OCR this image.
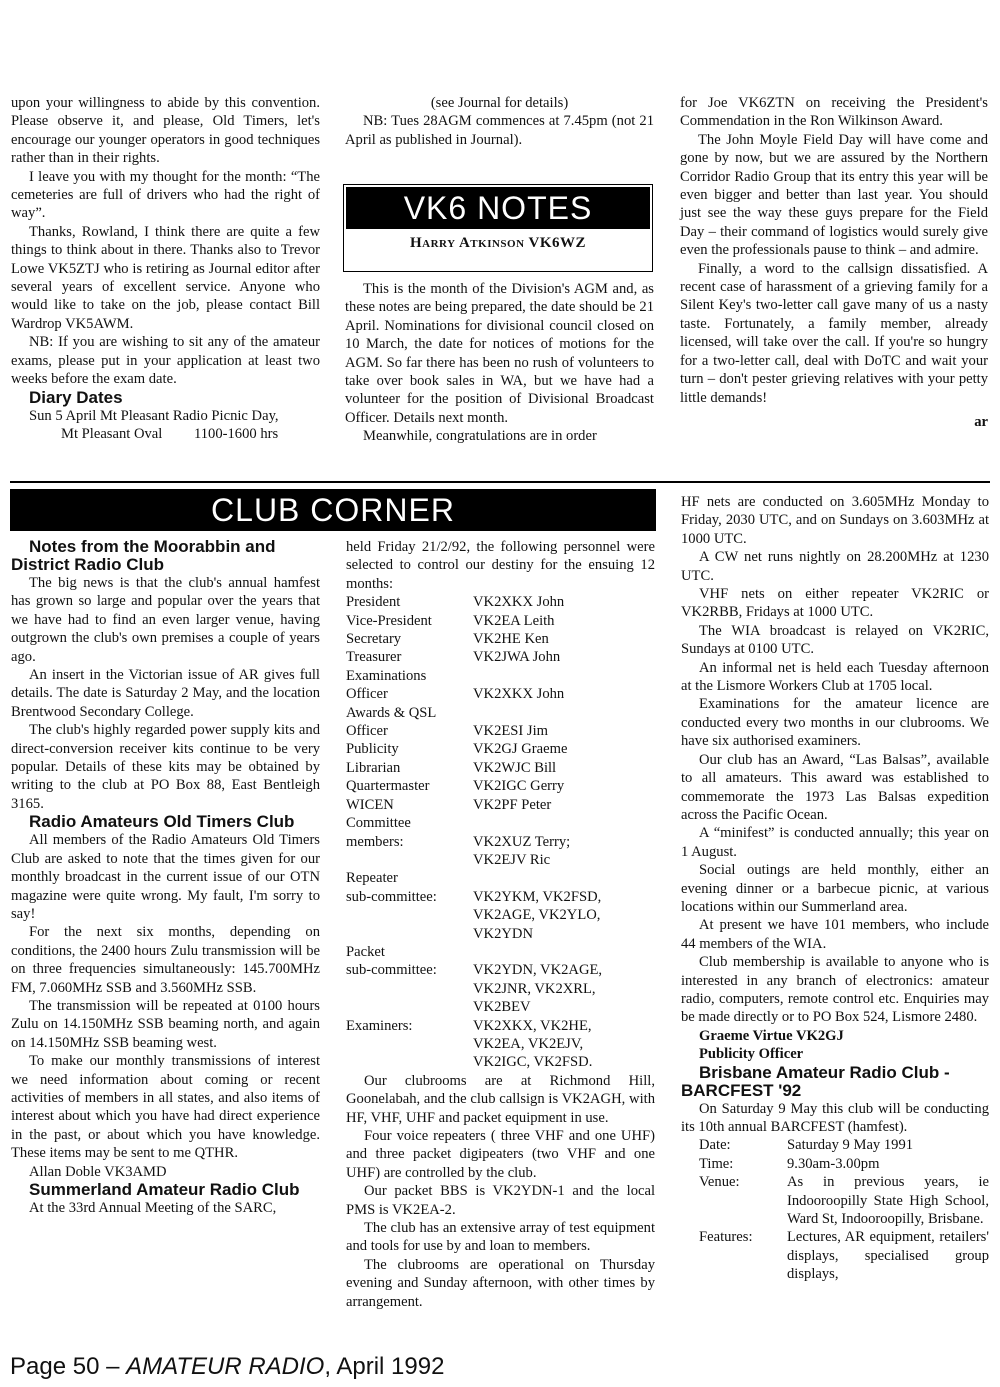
upon your willingness to abide by this convention. Please observe it, and please, Old Timers, let's encourage our younger operators in good techniques rather than in their rights.

I leave you with my thought for the month: “The cemeteries are full of drivers who had the right of way”.

Thanks, Rowland, I think there are quite a few things to think about in there. Thanks also to Trevor Lowe VK5ZTJ who is retiring as Journal editor after several years of excellent service. Anyone who would like to take on the job, please contact Bill Wardrop VK5AWM.

NB: If you are wishing to sit any of the amateur exams, please put in your application at least two weeks before the exam date.

Diary Dates

Sun 5 April Mt Pleasant Radio Picnic Day,

Mt Pleasant Oval 1100-1600 hrs

(see Journal for details)

NB: Tues 28AGM commences at 7.45pm (not 21 April as published in Journal).

VK6 NOTES
Harry Atkinson VK6WZ

This is the month of the Division's AGM and, as these notes are being prepared, the date should be 21 April. Nominations for divisional council closed on 10 March, the date for notices of motions for the AGM. So far there has been no rush of volunteers to take over book sales in WA, but we have had a volunteer for the position of Divisional Broadcast Officer. Details next month.

Meanwhile, congratulations are in order

for Joe VK6ZTN on receiving the President's Commendation in the Ron Wilkinson Award.

The John Moyle Field Day will have come and gone by now, but we are assured by the Northern Corridor Radio Group that its entry this year will be even bigger and better than last year. You should just see the way these guys prepare for the Field Day – their command of logistics would surely give even the professionals pause to think – and admire.

Finally, a word to the callsign dissatisfied. A recent case of harassment of a grieving family for a Silent Key's two-letter call gave many of us a nasty taste. Fortunately, a family member, already licensed, will take over the call. If you're so hungry for a two-letter call, deal with DoTC and wait your turn – don't pester grieving relatives with your petty little demands!

ar

CLUB CORNER

Notes from the Moorabbin and District Radio Club

The big news is that the club's annual hamfest has grown so large and popular over the years that we have had to find an even larger venue, having outgrown the club's own premises a couple of years ago.

An insert in the Victorian issue of AR gives full details. The date is Saturday 2 May, and the location Brentwood Secondary College.

The club's highly regarded power supply kits and direct-conversion receiver kits continue to be very popular. Details of these kits may be obtained by writing to the club at PO Box 88, East Bentleigh 3165.

Radio Amateurs Old Timers Club

All members of the Radio Amateurs Old Timers Club are asked to note that the times given for our monthly broadcast in the current issue of our OTN magazine were quite wrong. My fault, I'm sorry to say!

For the next six months, depending on conditions, the 2400 hours Zulu transmission will be on three frequencies simultaneously: 145.700MHz FM, 7.060MHz SSB and 3.560MHz SSB.

The transmission will be repeated at 0100 hours Zulu on 14.150MHz SSB beaming north, and again on 14.150MHz SSB beaming west.

To make our monthly transmissions of interest we need information about coming or recent activities of members in all states, and also items of interest about which you have had direct experience in the past, or about which you have knowledge. These items may be sent to me QTHR.

Allan Doble VK3AMD

Summerland Amateur Radio Club

At the 33rd Annual Meeting of the SARC,

held Friday 21/2/92, the following personnel were selected to control our destiny for the ensuing 12 months:

President	VK2XKX John
Vice-President	VK2EA Leith
Secretary	VK2HE Ken
Treasurer	VK2JWA John
Examinations	
Officer	VK2XKX John
Awards & QSL	
Officer	VK2ESI Jim
Publicity	VK2GJ Graeme
Librarian	VK2WJC Bill
Quartermaster	VK2IGC Gerry
WICEN	VK2PF Peter
Committee	
members:	VK2XUZ Terry;
	VK2EJV Ric
Repeater	
sub-committee:	VK2YKM, VK2FSD,
	VK2AGE, VK2YLO,
	VK2YDN
Packet	
sub-committee:	VK2YDN, VK2AGE,
	VK2JNR, VK2XRL,
	VK2BEV
Examiners:	VK2XKX, VK2HE,
	VK2EA, VK2EJV,
	VK2IGC, VK2FSD.

Our clubrooms are at Richmond Hill, Goonelabah, and the club callsign is VK2AGH, with HF, VHF, UHF and packet equipment in use.

Four voice repeaters ( three VHF and one UHF) and three packet digipeaters (two VHF and one UHF) are controlled by the club.

Our packet BBS is VK2YDN-1 and the local PMS is VK2EA-2.

The club has an extensive array of test equipment and tools for use by and loan to members.

The clubrooms are operational on Thursday evening and Sunday afternoon, with other times by arrangement.

HF nets are conducted on 3.605MHz Monday to Friday, 2030 UTC, and on Sundays on 3.603MHz at 1000 UTC.

A CW net runs nightly on 28.200MHz at 1230 UTC.

VHF nets on either repeater VK2RIC or VK2RBB, Fridays at 1000 UTC.

The WIA broadcast is relayed on VK2RIC, Sundays at 0100 UTC.

An informal net is held each Tuesday afternoon at the Lismore Workers Club at 1705 local.

Examinations for the amateur licence are conducted every two months in our clubrooms. We have six authorised examiners.

Our club has an Award, “Las Balsas”, available to all amateurs. This award was established to commemorate the 1973 Las Balsas expedition across the Pacific Ocean.

A “minifest” is conducted annually; this year on 1 August.

Social outings are held monthly, either an evening dinner or a barbecue picnic, at various locations within our Summerland area.

At present we have 101 members, who include 44 members of the WIA.

Club membership is available to anyone who is interested in any branch of electronics: amateur radio, computers, remote control etc. Enquiries may be made directly or to PO Box 524, Lismore 2480.

Graeme Virtue VK2GJ

Publicity Officer

Brisbane Amateur Radio Club - BARCFEST '92

On Saturday 9 May this club will be conducting its 10th annual BARCFEST (hamfest).

Date:	Saturday 9 May 1991

Time:	9.30am-3.00pm

Venue:	As in previous years, ie Indooroopilly State High School, Ward St, Indooroopilly, Brisbane.

Features: Lectures, AR equipment, retailers' displays, specialised group displays,

Page 50 – AMATEUR RADIO, April 1992
